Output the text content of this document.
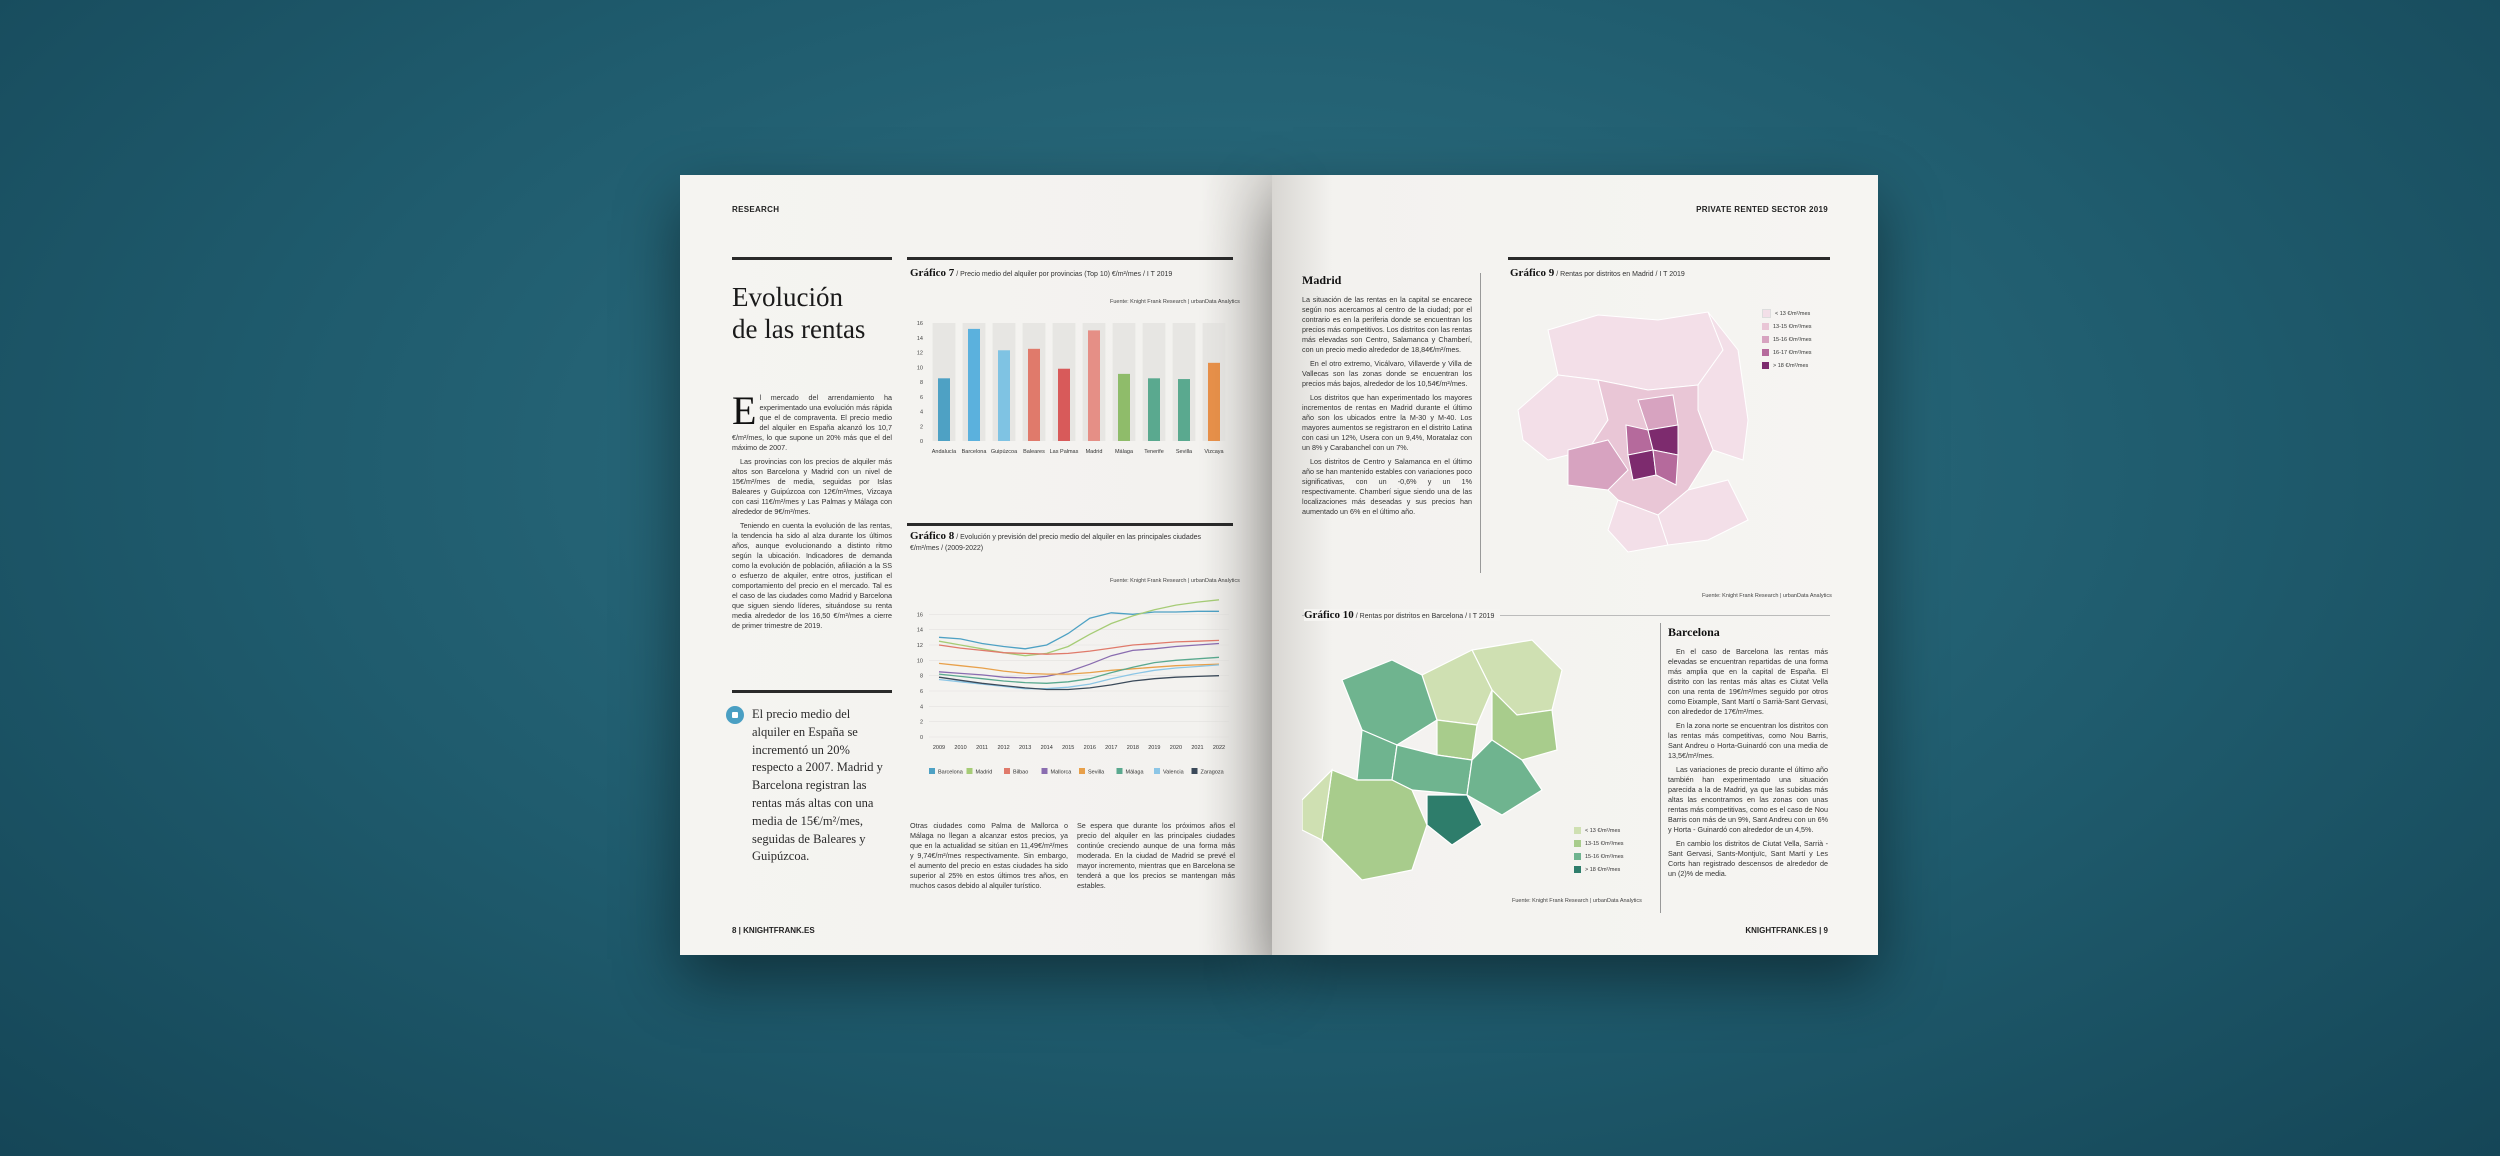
RESEARCH
Evolución
de las rentas

El mercado del arrendamiento ha experimentado una evolución más rápida que el de compraventa. El precio medio del alquiler en España alcanzó los 10,7 €/m²/mes, lo que supone un 20% más que el del máximo de 2007.

Las provincias con los precios de alquiler más altos son Barcelona y Madrid con un nivel de 15€/m²/mes de media, seguidas por Islas Baleares y Guipúzcoa con 12€/m²/mes, Vizcaya con casi 11€/m²/mes y Las Palmas y Málaga con alrededor de 9€/m²/mes.

Teniendo en cuenta la evolución de las rentas, la tendencia ha sido al alza durante los últimos años, aunque evolucionando a distinto ritmo según la ubicación. Indicadores de demanda como la evolución de población, afiliación a la SS o esfuerzo de alquiler, entre otros, justifican el comportamiento del precio en el mercado. Tal es el caso de las ciudades como Madrid y Barcelona que siguen siendo líderes, situándose su renta media alrededor de los 16,50 €/m²/mes a cierre de primer trimestre de 2019.

El precio medio del alquiler en España se incrementó un 20% respecto a 2007. Madrid y Barcelona registran las rentas más altas con una media de 15€/m²/mes, seguidas de Baleares y Guipúzcoa.
Gráfico 7 / Precio medio del alquiler por provincias (Top 10) €/m²/mes / I T 2019
Fuente: Knight Frank Research | urbanData Analytics
0
2
4
6
8
10
12
14
16
Andalucía Barcelona Guipúzcoa Baleares Las Palmas Madrid Málaga Tenerife Sevilla Vizcaya
Gráfico 8 / Evolución y previsión del precio medio del alquiler en las principales ciudades €/m²/mes / (2009-2022)
Fuente: Knight Frank Research | urbanData Analytics
0
2
4
6
8
10
12
14
16
2009 2010 2011 2012 2013 2014 2015 2016 2017 2018 2019 2020 2021 2022
Barcelona Madrid	Bilbao	Mallorca	Sevilla	Málaga	Valencia	Zaragoza
Otras ciudades como Palma de Mallorca o Málaga no llegan a alcanzar estos precios, ya que en la actualidad se sitúan en 11,49€/m²/mes y 9,74€/m²/mes respectivamente. Sin embargo, el aumento del precio en estas ciudades ha sido superior al 25% en estos últimos tres años, en muchos casos debido al alquiler turístico.
Se espera que durante los próximos años el precio del alquiler en las principales ciudades continúe creciendo aunque de una forma más moderada. En la ciudad de Madrid se prevé el mayor incremento, mientras que en Barcelona se tenderá a que los precios se mantengan más estables.
8 | KNIGHTFRANK.ES
PRIVATE RENTED SECTOR 2019
Madrid

La situación de las rentas en la capital se encarece según nos acercamos al centro de la ciudad; por el contrario es en la periferia donde se encuentran los precios más competitivos. Los distritos con las rentas más elevadas son Centro, Salamanca y Chamberí, con un precio medio alrededor de 18,84€/m²/mes.

En el otro extremo, Vicálvaro, Villaverde y Villa de Vallecas son las zonas donde se encuentran los precios más bajos, alrededor de los 10,54€/m²/mes.

Los distritos que han experimentado los mayores incrementos de rentas en Madrid durante el último año son los ubicados entre la M-30 y M-40. Los mayores aumentos se registraron en el distrito Latina con casi un 12%, Usera con un 9,4%, Moratalaz con un 8% y Carabanchel con un 7%.

Los distritos de Centro y Salamanca en el último año se han mantenido estables con variaciones poco significativas, con un -0,6% y un 1% respectivamente. Chamberí sigue siendo una de las localizaciones más deseadas y sus precios han aumentado un 6% en el último año.

Gráfico 9 / Rentas por distritos en Madrid / I T 2019
< 13 €/m²/mes
13-15 €/m²/mes
15-16 €/m²/mes
16-17 €/m²/mes
> 18 €/m²/mes
Fuente: Knight Frank Research | urbanData Analytics
Gráfico 10 / Rentas por distritos en Barcelona / I T 2019
< 13 €/m²/mes
13-15 €/m²/mes
15-16 €/m²/mes
> 18 €/m²/mes
Fuente: Knight Frank Research | urbanData Analytics
Barcelona

En el caso de Barcelona las rentas más elevadas se encuentran repartidas de una forma más amplia que en la capital de España. El distrito con las rentas más altas es Ciutat Vella con una renta de 19€/m²/mes seguido por otros como Eixample, Sant Martí o Sarrià-Sant Gervasi, con alrededor de 17€/m²/mes.

En la zona norte se encuentran los distritos con las rentas más competitivas, como Nou Barris, Sant Andreu o Horta-Guinardó con una media de 13,5€/m²/mes.

Las variaciones de precio durante el último año también han experimentado una situación parecida a la de Madrid, ya que las subidas más altas las encontramos en las zonas con unas rentas más competitivas, como es el caso de Nou Barris con más de un 9%, Sant Andreu con un 6% y Horta - Guinardó con alrededor de un 4,5%.

En cambio los distritos de Ciutat Vella, Sarrià - Sant Gervasi, Sants-Montjuïc, Sant Martí y Les Corts han registrado descensos de alrededor de un (2)% de media.

KNIGHTFRANK.ES | 9
